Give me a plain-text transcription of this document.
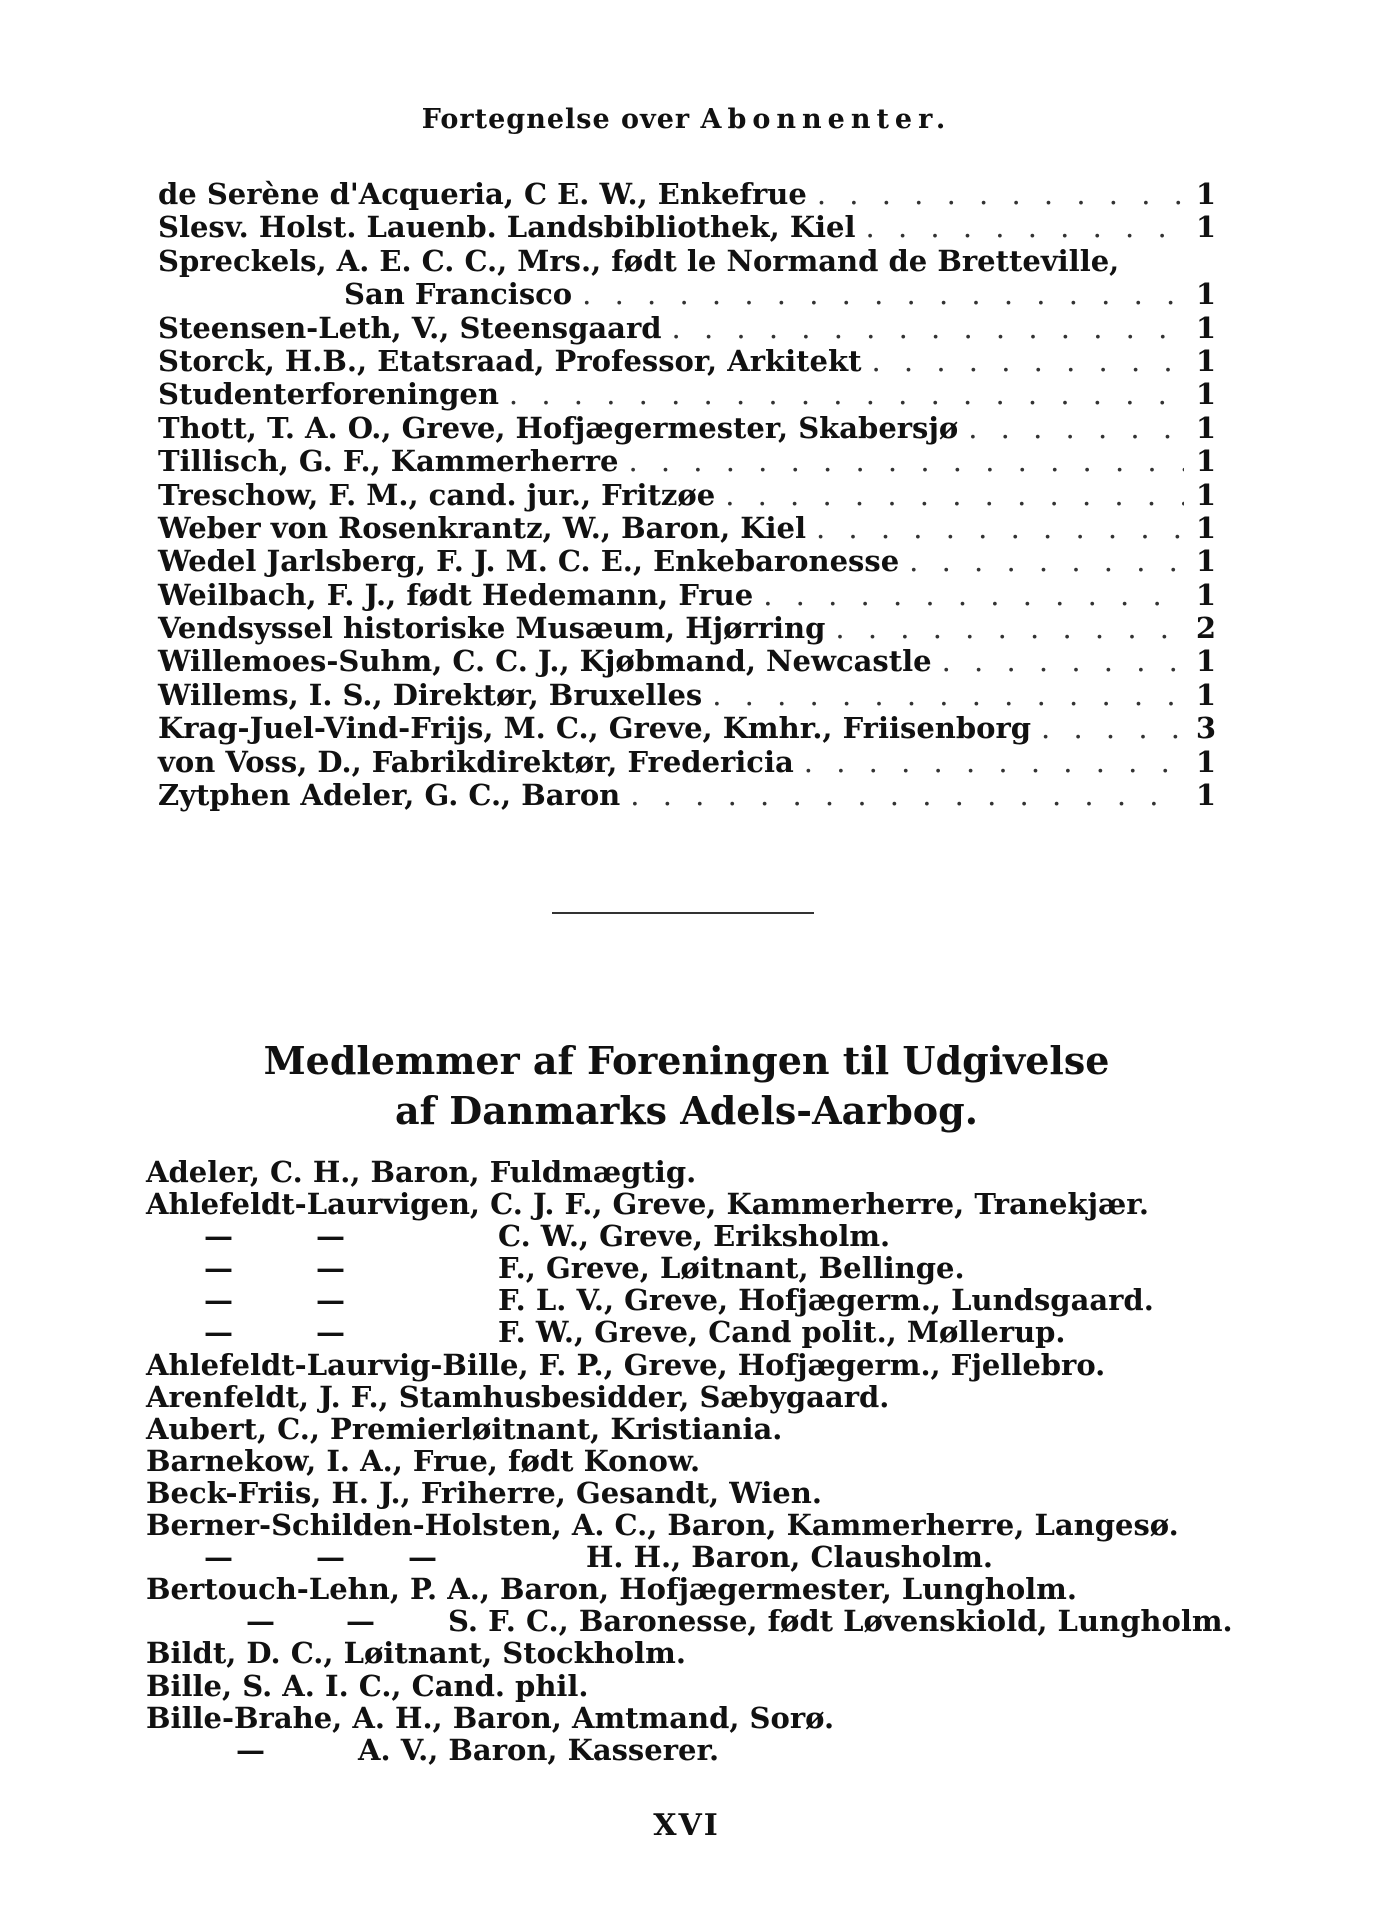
Fortegnelse over Abonnenter.
de Serène d'Acqueria, C E. W., Enkefrue . . .	1
Slesv. Holst. Lauenb. Landsbibliothek, Kiel . . .	1
Spreckels, A. E. C. C., Mrs., født le Normand de Bretteville,
San Francisco . . .	1
Steensen-Leth, V., Steensgaard . . .	1
Storck, H.B., Etatsraad, Professor, Arkitekt . . .	1
Studenterforeningen . . .	1
Thott, T. A. O., Greve, Hofjægermester, Skabersjø . . .	1
Tillisch, G. F., Kammerherre . . .	1
Treschow, F. M., cand. jur., Fritzøe . . .	1
Weber von Rosenkrantz, W., Baron, Kiel . . .	1
Wedel Jarlsberg, F. J. M. C. E., Enkebaronesse . . .	1
Weilbach, F. J., født Hedemann, Frue . . .	1
Vendsyssel historiske Musæum, Hjørring . . .	2
Willemoes-Suhm, C. C. J., Kjøbmand, Newcastle . . .	1
Willems, I. S., Direktør, Bruxelles . . .	1
Krag-Juel-Vind-Frijs, M. C., Greve, Kmhr., Friisenborg . . .	3
von Voss, D., Fabrikdirektør, Fredericia . . .	1
Zytphen Adeler, G. C., Baron . . .	1
Medlemmer af Foreningen til Udgivelse
af Danmarks Adels-Aarbog.
Adeler, C. H., Baron, Fuldmægtig.
Ahlefeldt-Laurvigen, C. J. F., Greve, Kammerherre, Tranekjær.
—	—	C. W., Greve, Eriksholm.
—	—	F., Greve, Løitnant, Bellinge.
—	—	F. L. V., Greve, Hofjægerm., Lundsgaard.
—	—	F. W., Greve, Cand polit., Møllerup.
Ahlefeldt-Laurvig-Bille, F. P., Greve, Hofjægerm., Fjellebro.
Arenfeldt, J. F., Stamhusbesidder, Sæbygaard.
Aubert, C., Premierløitnant, Kristiania.
Barnekow, I. A., Frue, født Konow.
Beck-Friis, H. J., Friherre, Gesandt, Wien.
Berner-Schilden-Holsten, A. C., Baron, Kammerherre, Langesø.
—	— —	H. H., Baron, Clausholm.
Bertouch-Lehn, P. A., Baron, Hofjægermester, Lungholm.
— —	S. F. C., Baronesse, født Løvenskiold, Lungholm.
Bildt, D. C., Løitnant, Stockholm.
Bille, S. A. I. C., Cand. phil.
Bille-Brahe, A. H., Baron, Amtmand, Sorø.
—	A. V., Baron, Kasserer.
XVI
